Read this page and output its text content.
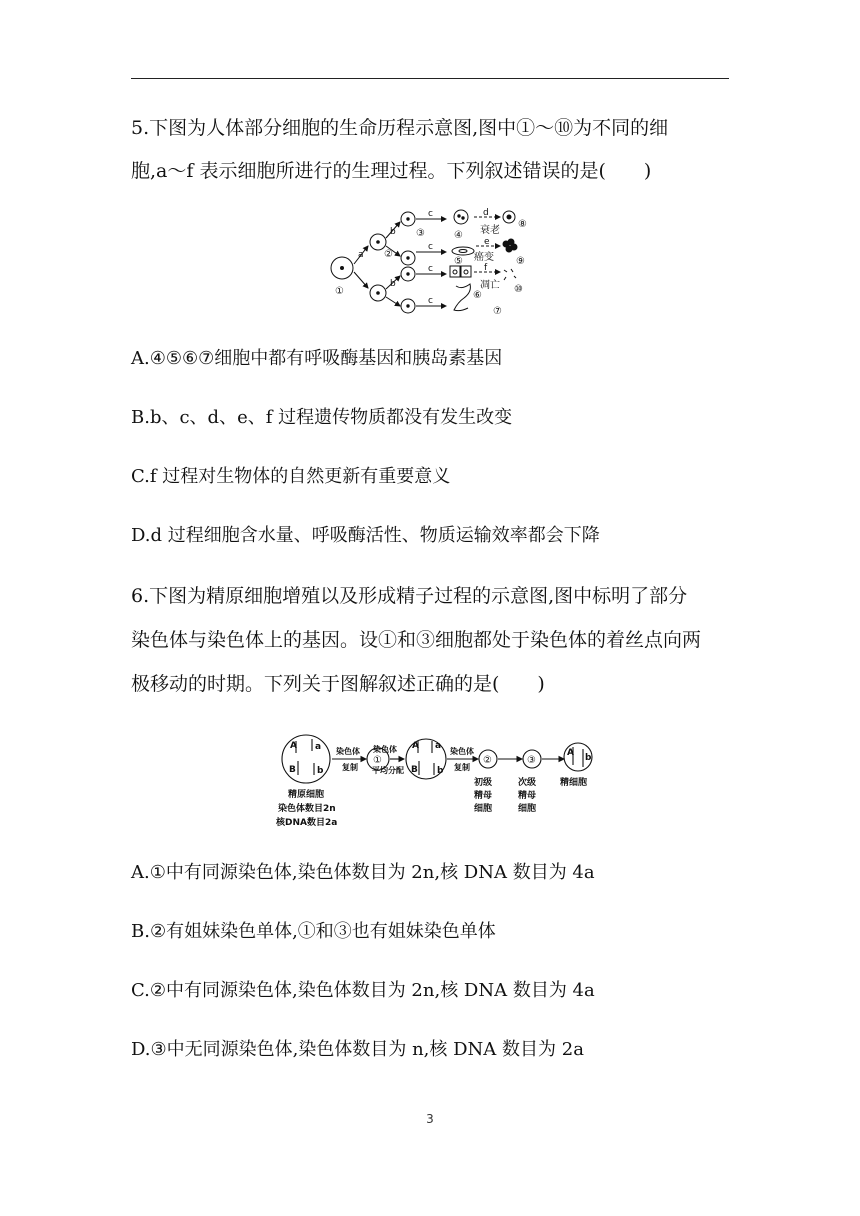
5.下图为人体部分细胞的生命历程示意图,图中①～⑩为不同的细
胞,a～f 表示细胞所进行的生理过程。下列叙述错误的是(　　)
a
b
b
c
c
c
c
d
e
f
①
②
③	④
⑤
⑥
⑦
⑧
⑨
⑩
衰老
癌变
凋亡
A.④⑤⑥⑦细胞中都有呼吸酶基因和胰岛素基因
B.b、c、d、e、f 过程遗传物质都没有发生改变
C.f 过程对生物体的自然更新有重要意义
D.d 过程细胞含水量、呼吸酶活性、物质运输效率都会下降
6.下图为精原细胞增殖以及形成精子过程的示意图,图中标明了部分
染色体与染色体上的基因。设①和③细胞都处于染色体的着丝点向两
极移动的时期。下列关于图解叙述正确的是(　　)
A a
B b
A a
B b
A b
染色体
复制
染色体
平均分配
染色体
复制
①	②	③
精原细胞
染色体数目2n
核DNA数目2a
初级
精母
细胞
次级
精母
细胞
精细胞
A.①中有同源染色体,染色体数目为 2n,核 DNA 数目为 4a
B.②有姐妹染色单体,①和③也有姐妹染色单体
C.②中有同源染色体,染色体数目为 2n,核 DNA 数目为 4a
D.③中无同源染色体,染色体数目为 n,核 DNA 数目为 2a
3
